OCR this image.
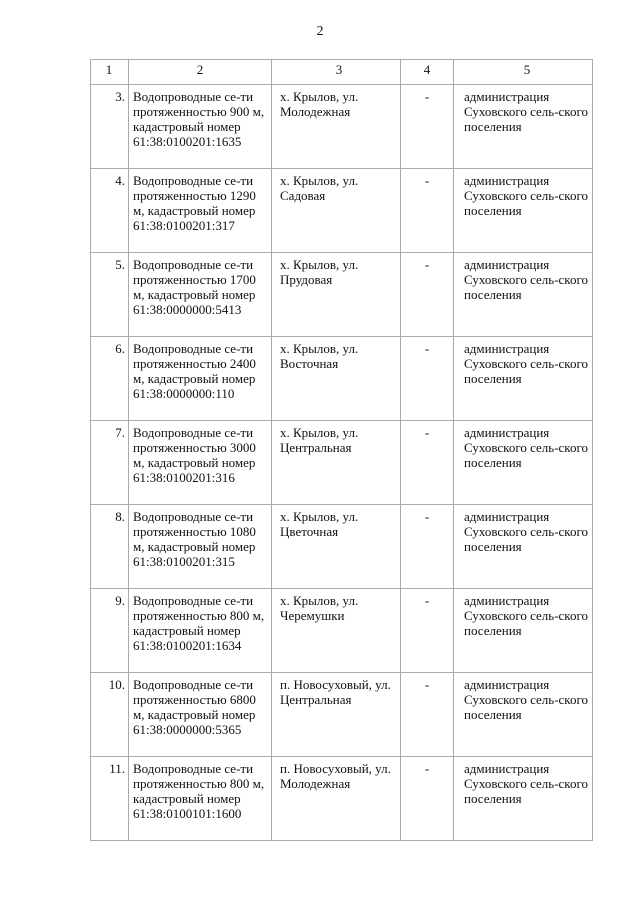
2
1	2	3	4	5
3.	Водопроводные се-ти протяженностью 900 м, кадастровый номер 61:38:0100201:1635	х. Крылов, ул. Молодежная	-	администрация Суховского сель-ского поселения
4.	Водопроводные се-ти протяженностью 1290 м, кадастровый номер 61:38:0100201:317	х. Крылов, ул. Садовая	-	администрация Суховского сель-ского поселения
5.	Водопроводные се-ти протяженностью 1700 м, кадастровый номер 61:38:0000000:5413	х. Крылов, ул. Прудовая	-	администрация Суховского сель-ского поселения
6.	Водопроводные се-ти протяженностью 2400 м, кадастровый номер 61:38:0000000:110	х. Крылов, ул. Восточная	-	администрация Суховского сель-ского поселения
7.	Водопроводные се-ти протяженностью 3000 м, кадастровый номер 61:38:0100201:316	х. Крылов, ул. Центральная	-	администрация Суховского сель-ского поселения
8.	Водопроводные се-ти протяженностью 1080 м, кадастровый номер 61:38:0100201:315	х. Крылов, ул. Цветочная	-	администрация Суховского сель-ского поселения
9.	Водопроводные се-ти протяженностью 800 м, кадастровый номер 61:38:0100201:1634	х. Крылов, ул. Черемушки	-	администрация Суховского сель-ского поселения
10.	Водопроводные се-ти протяженностью 6800 м, кадастровый номер 61:38:0000000:5365	п. Новосуховый, ул. Центральная	-	администрация Суховского сель-ского поселения
11.	Водопроводные се-ти протяженностью 800 м, кадастровый номер 61:38:0100101:1600	п. Новосуховый, ул. Молодежная	-	администрация Суховского сель-ского поселения
